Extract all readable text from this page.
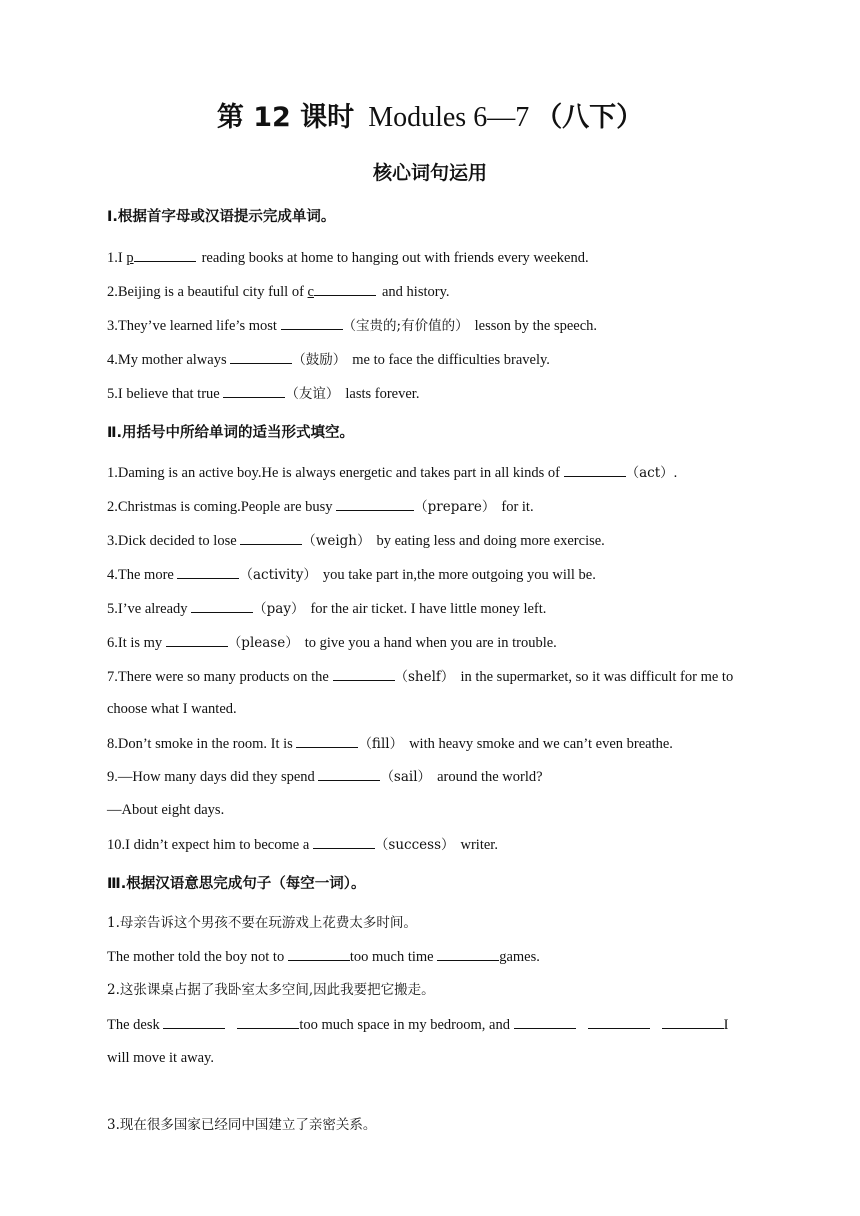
第 12 课时 Modules 6—7 （八下）
核心词句运用
Ⅰ.根据首字母或汉语提示完成单词。
1.I p	reading books at home to hanging out with friends every weekend.
2.Beijing is a beautiful city full of c	and history.
3.They’ve learned life’s most	（宝贵的;有价值的） lesson by the speech.
4.My mother always	（鼓励） me to face the difficulties bravely.
5.I believe that true	（友谊） lasts forever.
Ⅱ.用括号中所给单词的适当形式填空。
1.Daming is an active boy.He is always energetic and takes part in all kinds of	（act）.
2.Christmas is coming.People are busy	（prepare） for it.
3.Dick decided to lose	（weigh） by eating less and doing more exercise.
4.The more	（activity） you take part in,the more outgoing you will be.
5.I’ve already	（pay） for the air ticket. I have little money left.
6.It is my	（please） to give you a hand when you are in trouble.
7.There were so many products on the	（shelf） in the supermarket, so it was difficult for me to
choose what I wanted.
8.Don’t smoke in the room. It is	（fill） with heavy smoke and we can’t even breathe.
9.—How many days did they spend	（sail） around the world?
—About eight days.
10.I didn’t expect him to become a	（success） writer.
Ⅲ.根据汉语意思完成句子（每空一词）。
1.母亲告诉这个男孩不要在玩游戏上花费太多时间。
The mother told the boy not to	too much time	games.
2.这张课桌占据了我卧室太多空间,因此我要把它搬走。
The desk	too much space in my bedroom, and	I
will move it away.
3.现在很多国家已经同中国建立了亲密关系。
